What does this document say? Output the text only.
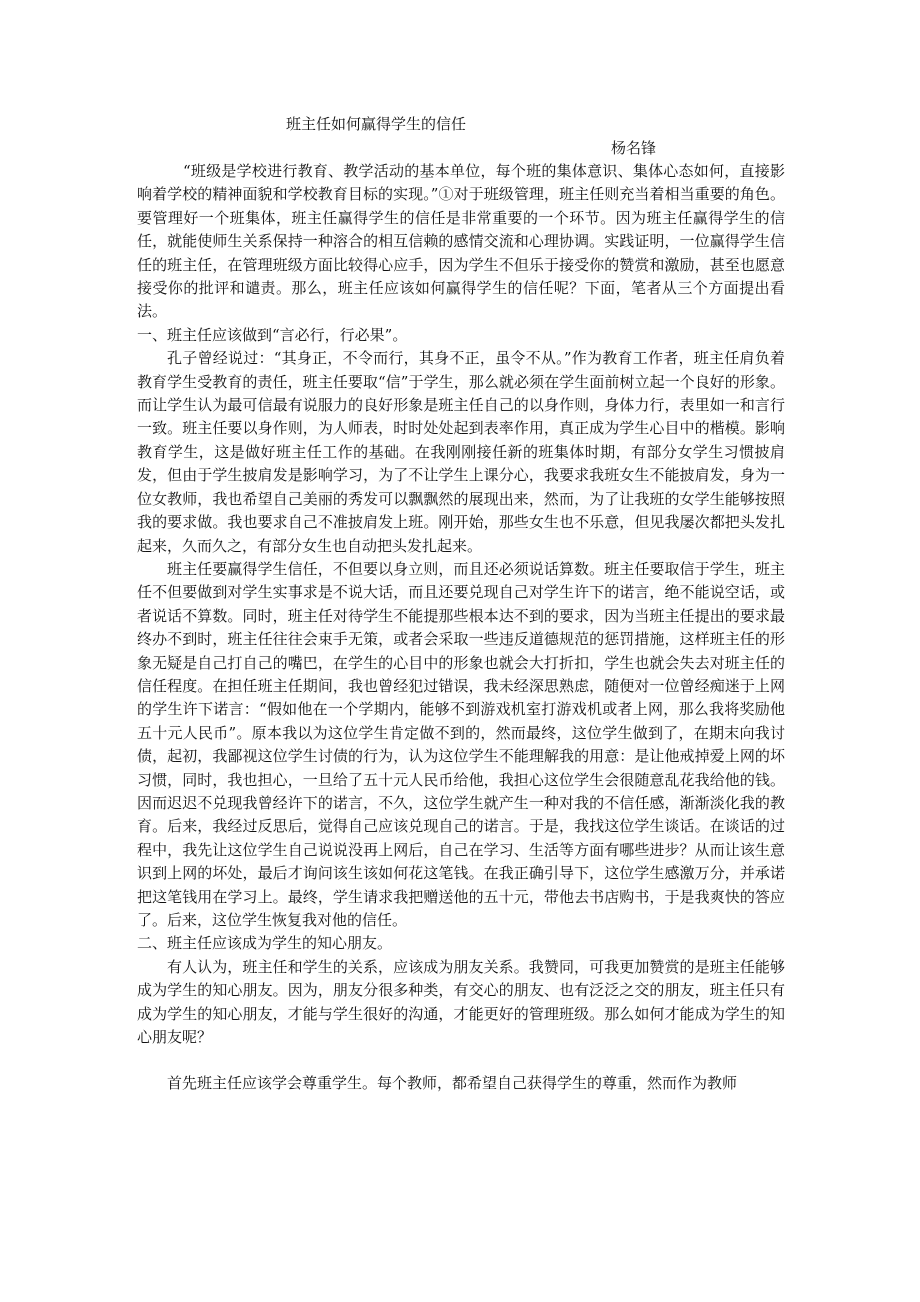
班主任如何赢得学生的信任
杨名锋

“班级是学校进行教育、教学活动的基本单位，每个班的集体意识、集体心态如何，直接影响着学校的精神面貌和学校教育目标的实现。”①对于班级管理，班主任则充当着相当重要的角色。要管理好一个班集体，班主任赢得学生的信任是非常重要的一个环节。因为班主任赢得学生的信任，就能使师生关系保持一种溶合的相互信赖的感情交流和心理协调。实践证明，一位赢得学生信任的班主任，在管理班级方面比较得心应手，因为学生不但乐于接受你的赞赏和激励，甚至也愿意接受你的批评和谴责。那么，班主任应该如何赢得学生的信任呢？下面，笔者从三个方面提出看法。

一、班主任应该做到“言必行，行必果”。

孔子曾经说过：“其身正，不令而行，其身不正，虽令不从。”作为教育工作者，班主任肩负着教育学生受教育的责任，班主任要取“信”于学生，那么就必须在学生面前树立起一个良好的形象。而让学生认为最可信最有说服力的良好形象是班主任自己的以身作则，身体力行，表里如一和言行一致。班主任要以身作则，为人师表，时时处处起到表率作用，真正成为学生心目中的楷模。影响教育学生，这是做好班主任工作的基础。在我刚刚接任新的班集体时期，有部分女学生习惯披肩发，但由于学生披肩发是影响学习，为了不让学生上课分心，我要求我班女生不能披肩发，身为一位女教师，我也希望自己美丽的秀发可以飘飘然的展现出来，然而，为了让我班的女学生能够按照我的要求做。我也要求自己不准披肩发上班。刚开始，那些女生也不乐意，但见我屡次都把头发扎起来，久而久之，有部分女生也自动把头发扎起来。

班主任要赢得学生信任，不但要以身立则，而且还必须说话算数。班主任要取信于学生，班主任不但要做到对学生实事求是不说大话，而且还要兑现自己对学生许下的诺言，绝不能说空话，或者说话不算数。同时，班主任对待学生不能提那些根本达不到的要求，因为当班主任提出的要求最终办不到时，班主任往往会束手无策，或者会采取一些违反道德规范的惩罚措施，这样班主任的形象无疑是自己打自己的嘴巴，在学生的心目中的形象也就会大打折扣，学生也就会失去对班主任的信任程度。在担任班主任期间，我也曾经犯过错误，我未经深思熟虑，随便对一位曾经痴迷于上网的学生许下诺言：“假如他在一个学期内，能够不到游戏机室打游戏机或者上网，那么我将奖励他五十元人民币”。原本我以为这位学生肯定做不到的，然而最终，这位学生做到了，在期末向我讨债，起初，我鄙视这位学生讨债的行为，认为这位学生不能理解我的用意：是让他戒掉爱上网的坏习惯，同时，我也担心，一旦给了五十元人民币给他，我担心这位学生会很随意乱花我给他的钱。因而迟迟不兑现我曾经许下的诺言，不久，这位学生就产生一种对我的不信任感，渐渐淡化我的教育。后来，我经过反思后，觉得自己应该兑现自己的诺言。于是，我找这位学生谈话。在谈话的过程中，我先让这位学生自己说说没再上网后，自己在学习、生活等方面有哪些进步？从而让该生意识到上网的坏处，最后才询问该生该如何花这笔钱。在我正确引导下，这位学生感激万分，并承诺把这笔钱用在学习上。最终，学生请求我把赠送他的五十元，带他去书店购书，于是我爽快的答应了。后来，这位学生恢复我对他的信任。

二、班主任应该成为学生的知心朋友。

有人认为，班主任和学生的关系，应该成为朋友关系。我赞同，可我更加赞赏的是班主任能够成为学生的知心朋友。因为，朋友分很多种类，有交心的朋友、也有泛泛之交的朋友，班主任只有成为学生的知心朋友，才能与学生很好的沟通，才能更好的管理班级。那么如何才能成为学生的知心朋友呢？

首先班主任应该学会尊重学生。每个教师，都希望自己获得学生的尊重，然而作为教师
